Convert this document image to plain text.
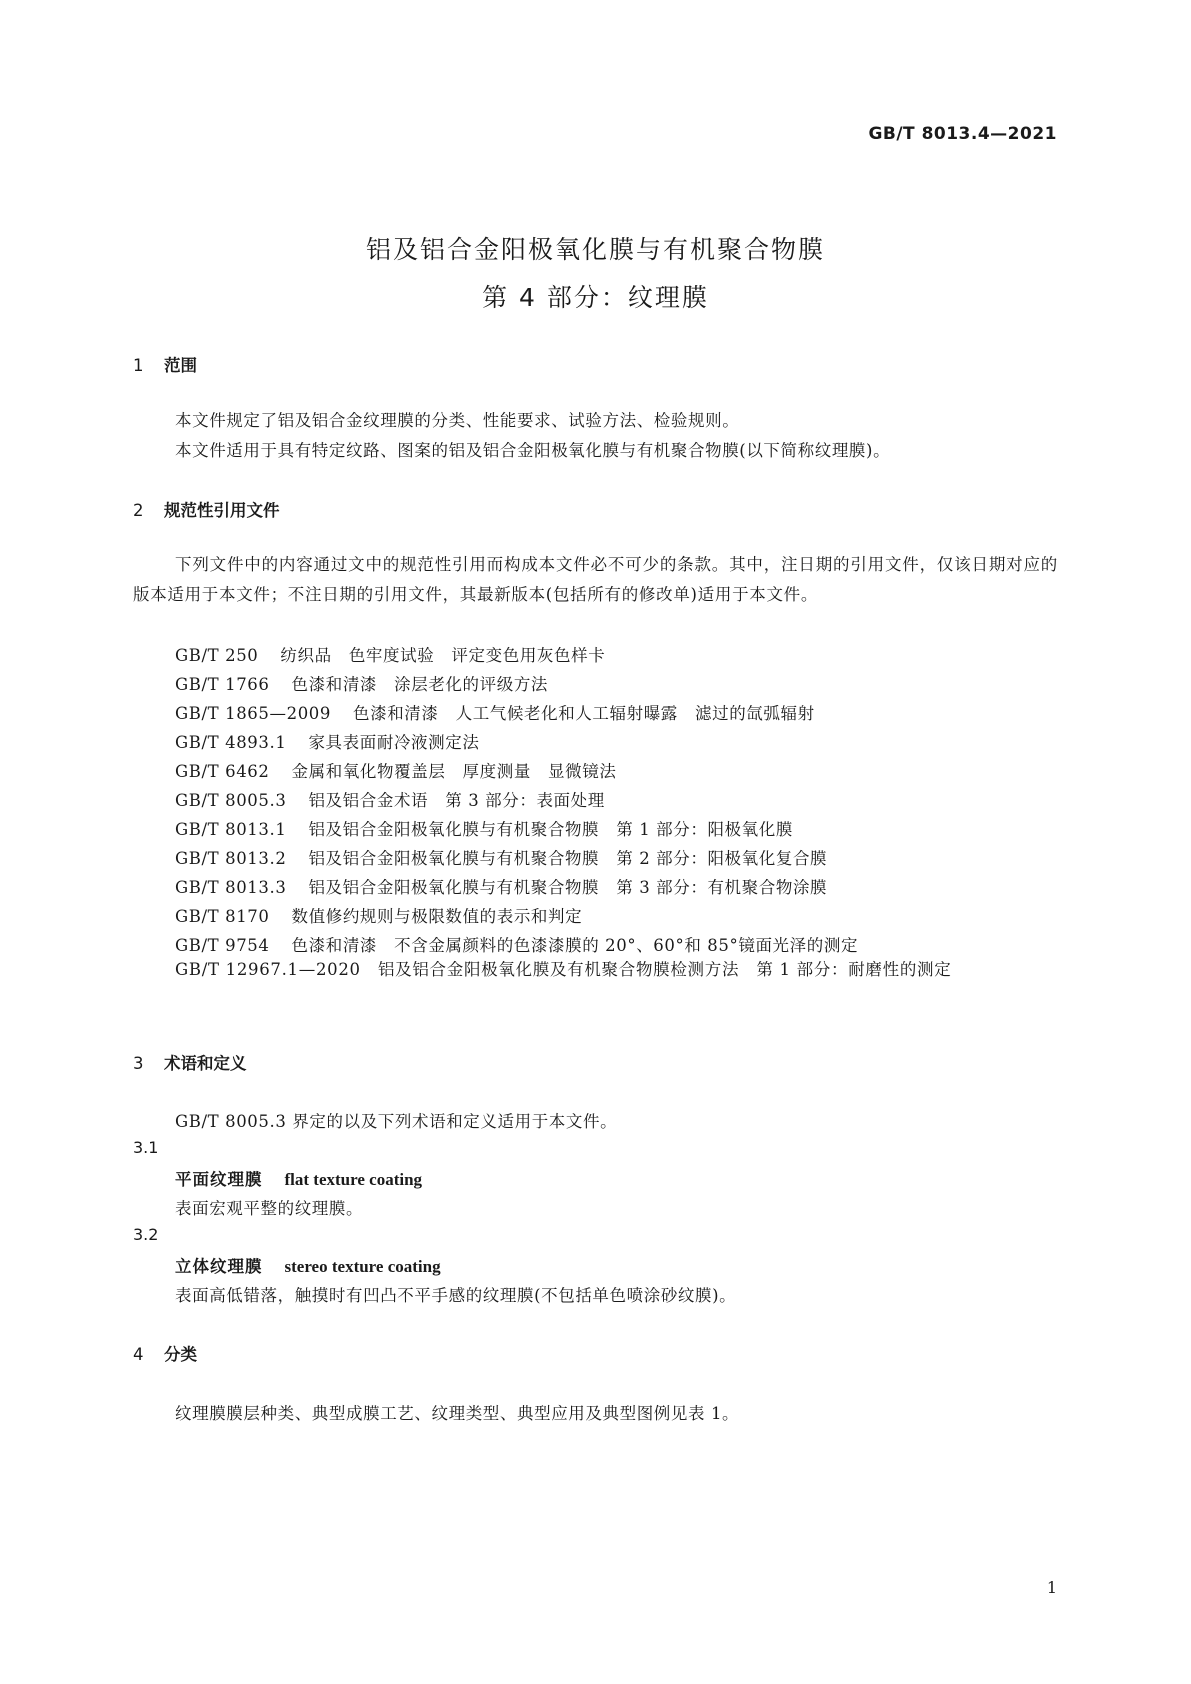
GB/T 8013.4—2021
铝及铝合金阳极氧化膜与有机聚合物膜
第 4 部分：纹理膜
1 范围
本文件规定了铝及铝合金纹理膜的分类、性能要求、试验方法、检验规则。
本文件适用于具有特定纹路、图案的铝及铝合金阳极氧化膜与有机聚合物膜(以下简称纹理膜)。
2 规范性引用文件
下列文件中的内容通过文中的规范性引用而构成本文件必不可少的条款。其中，注日期的引用文件，仅该日期对应的版本适用于本文件；不注日期的引用文件，其最新版本(包括所有的修改单)适用于本文件。
GB/T 250 纺织品　色牢度试验　评定变色用灰色样卡
GB/T 1766 色漆和清漆　涂层老化的评级方法
GB/T 1865—2009 色漆和清漆　人工气候老化和人工辐射曝露　滤过的氙弧辐射
GB/T 4893.1 家具表面耐冷液测定法
GB/T 6462 金属和氧化物覆盖层　厚度测量　显微镜法
GB/T 8005.3 铝及铝合金术语　第 3 部分：表面处理
GB/T 8013.1 铝及铝合金阳极氧化膜与有机聚合物膜　第 1 部分：阳极氧化膜
GB/T 8013.2 铝及铝合金阳极氧化膜与有机聚合物膜　第 2 部分：阳极氧化复合膜
GB/T 8013.3 铝及铝合金阳极氧化膜与有机聚合物膜　第 3 部分：有机聚合物涂膜
GB/T 8170 数值修约规则与极限数值的表示和判定
GB/T 9754 色漆和清漆　不含金属颜料的色漆漆膜的 20°、60°和 85°镜面光泽的测定
GB/T 12967.1—2020　铝及铝合金阳极氧化膜及有机聚合物膜检测方法　第 1 部分：耐磨性的测定
3 术语和定义
GB/T 8005.3 界定的以及下列术语和定义适用于本文件。
3.1
平面纹理膜 flat texture coating
表面宏观平整的纹理膜。
3.2
立体纹理膜 stereo texture coating
表面高低错落，触摸时有凹凸不平手感的纹理膜(不包括单色喷涂砂纹膜)。
4 分类
纹理膜膜层种类、典型成膜工艺、纹理类型、典型应用及典型图例见表 1。
1
